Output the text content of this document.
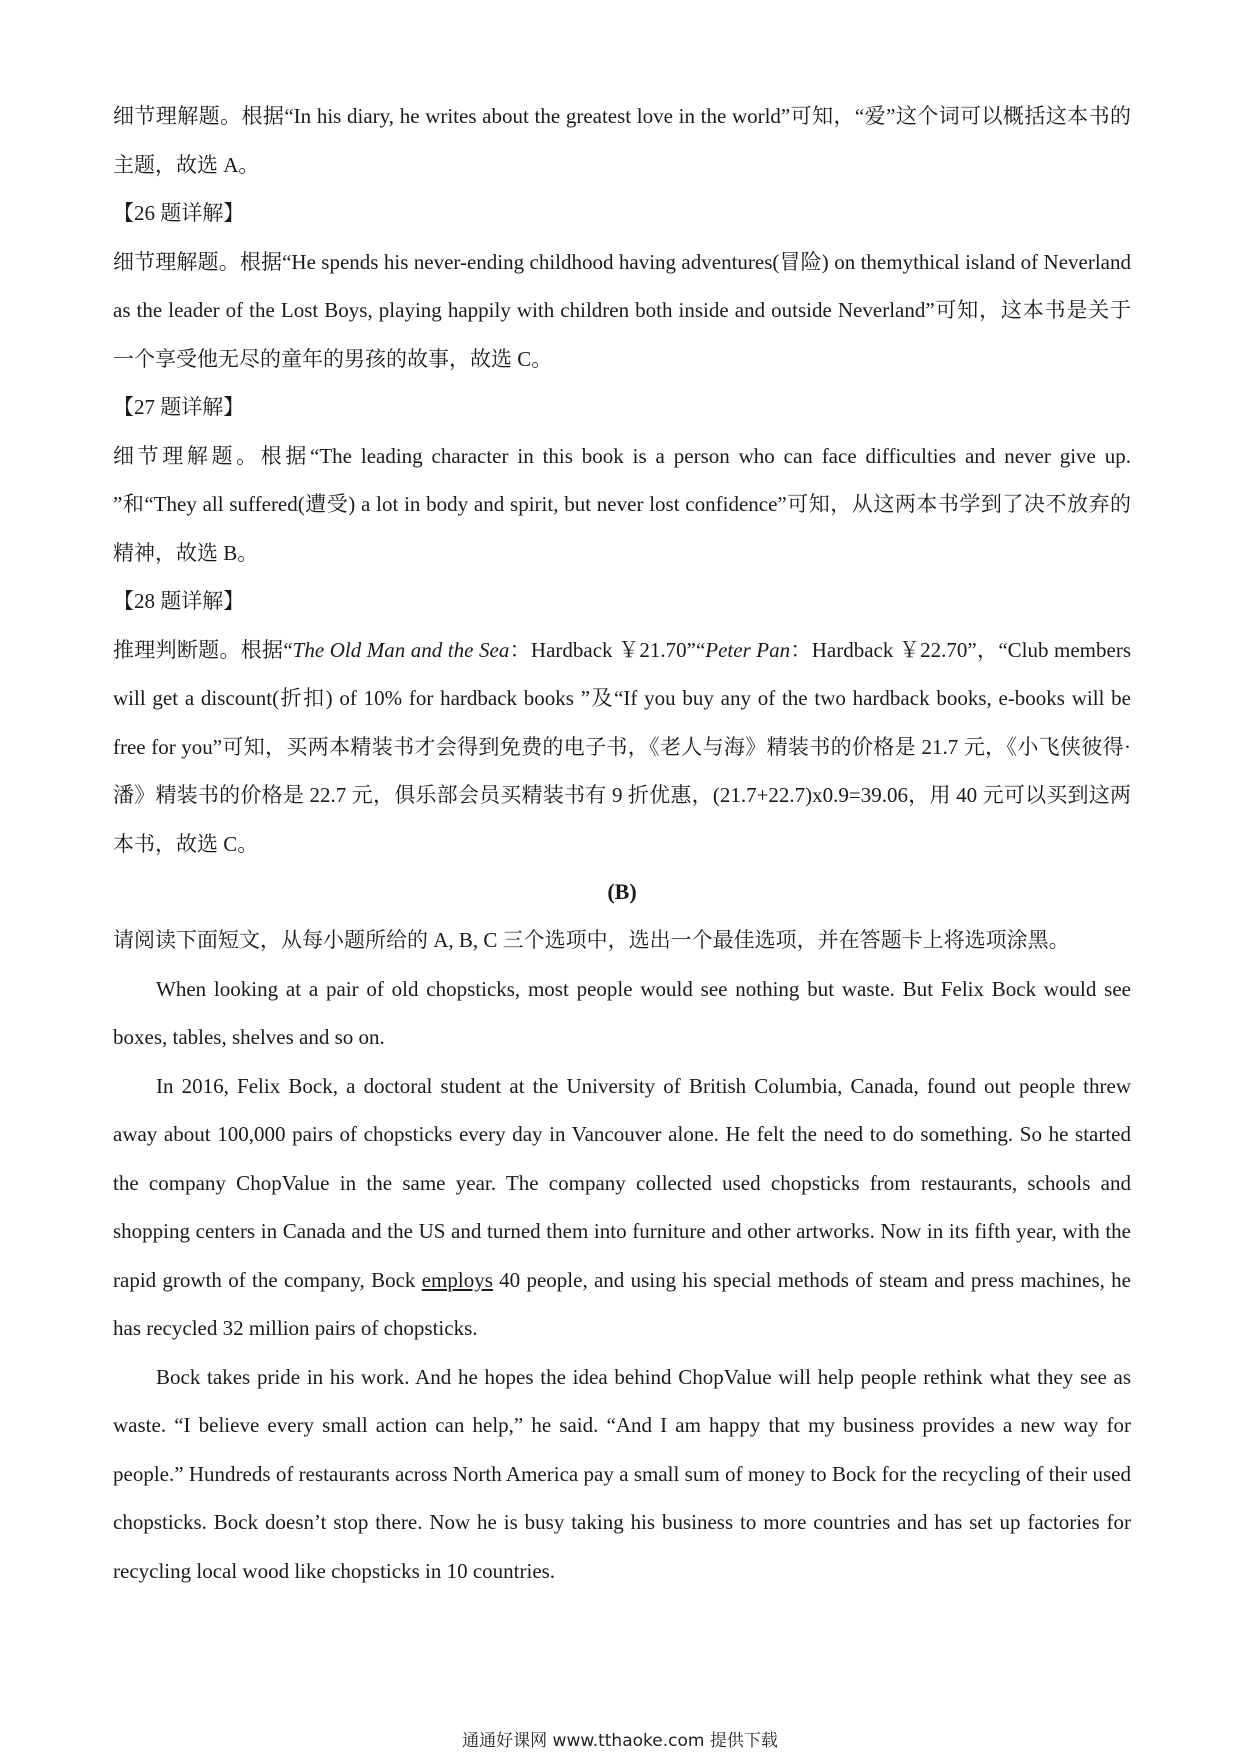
细节理解题。根据“In his diary, he writes about the greatest love in the world”可知，“爱”这个词可以概括这本书的主题，故选 A。

【26 题详解】

细节理解题。根据“He spends his never-ending childhood having adventures(冒险) on themythical island of Neverland as the leader of the Lost Boys, playing happily with children both inside and outside Neverland”可知，这本书是关于一个享受他无尽的童年的男孩的故事，故选 C。

【27 题详解】

细节理解题。根据“The leading character in this book is a person who can face difficulties and never give up. ”和“They all suffered(遭受) a lot in body and spirit, but never lost confidence”可知，从这两本书学到了决不放弃的精神，故选 B。

【28 题详解】

推理判断题。根据“The Old Man and the Sea：Hardback ￥21.70”“Peter Pan：Hardback ￥22.70”，“Club members will get a discount(折扣) of 10% for hardback books ”及“If you buy any of the two hardback books, e-books will be free for you”可知，买两本精装书才会得到免费的电子书，《老人与海》精装书的价格是 21.7 元，《小飞侠彼得·潘》精装书的价格是 22.7 元，俱乐部会员买精装书有 9 折优惠，(21.7+22.7)x0.9=39.06，用 40 元可以买到这两本书，故选 C。

(B)

请阅读下面短文，从每小题所给的 A, B, C 三个选项中，选出一个最佳选项，并在答题卡上将选项涂黑。

When looking at a pair of old chopsticks, most people would see nothing but waste. But Felix Bock would see boxes, tables, shelves and so on.

In 2016, Felix Bock, a doctoral student at the University of British Columbia, Canada, found out people threw away about 100,000 pairs of chopsticks every day in Vancouver alone. He felt the need to do something. So he started the company ChopValue in the same year. The company collected used chopsticks from restaurants, schools and shopping centers in Canada and the US and turned them into furniture and other artworks. Now in its fifth year, with the rapid growth of the company, Bock employs 40 people, and using his special methods of steam and press machines, he has recycled 32 million pairs of chopsticks.

Bock takes pride in his work. And he hopes the idea behind ChopValue will help people rethink what they see as waste. “I believe every small action can help,” he said. “And I am happy that my business provides a new way for people.” Hundreds of restaurants across North America pay a small sum of money to Bock for the recycling of their used chopsticks. Bock doesn’t stop there. Now he is busy taking his business to more countries and has set up factories for recycling local wood like chopsticks in 10 countries.

通通好课网 www.tthaoke.com 提供下载
